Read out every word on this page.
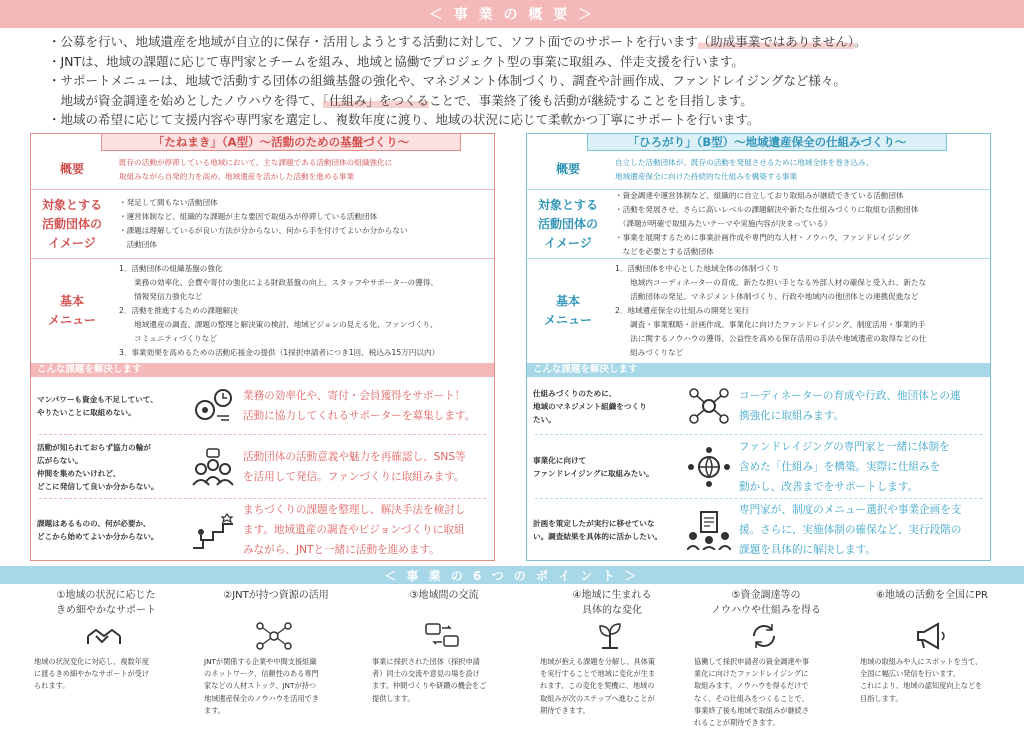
＜ 事 業 の 概 要 ＞

・公募を行い、地域遺産を地域が自立的に保存・活用しようとする活動に対して、ソフト面でのサポートを行います（助成事業ではありません）。

・JNTは、地域の課題に応じて専門家とチームを組み、地域と協働でプロジェクト型の事業に取組み、伴走支援を行います。

・サポートメニューは、地域で活動する団体の組織基盤の強化や、マネジメント体制づくり、調査や計画作成、ファンドレイジングなど様々。

　地域が資金調達を始めとしたノウハウを得て、「仕組み」をつくることで、事業終了後も活動が継続することを目指します。

・地域の希望に応じて支援内容や専門家を選定し、複数年度に渡り、地域の状況に応じて柔軟かつ丁寧にサポートを行います。

「たねまき」（A型）～活動のための基盤づくり～
概要	既存の活動が停滞している地域において、主な課題である活動団体の組織強化に

取組みながら自発的力を高め、地域遺産を活かした活動を進める事業

対象とする

活動団体の

イメージ

・発足して間もない活動団体

・運営体制など、組織的な課題が主な要因で取組みが停滞している活動団体

・課題は理解しているが良い方法が分からない、何から手を付けてよいか分からない

　活動団体

基本

メニュー

1．活動団体の組織基盤の強化

　　業務の効率化、会費や寄付の強化による財政基盤の向上、スタッフやサポーターの獲得、

　　情報発信力強化など

2．活動を推進するための課題解決

　　地域遺産の調査、課題の整理と解決策の検討、地域ビジョンの見える化、ファンづくり、

　　コミュニティづくりなど

3．事業効果を高めるための活動応援金の提供（1採択申請者につき1回、税込み15万円以内）

こんな課題を解決します

マンパワーも資金も不足していて、

やりたいことに取組めない。

業務の効率化や、寄付・会員獲得をサポート！

活動に協力してくれるサポーターを募集します。

活動が知られておらず協力の輪が

広がらない。

仲間を集めたいけれど、

どこに発信して良いか分からない。

活動団体の活動意義や魅力を再確認し、SNS等

を活用して発信。ファンづくりに取組みます。

課題はあるものの、何が必要か、

どこから始めてよいか分からない。

まちづくりの課題を整理し、解決手法を検討し

ます。地域遺産の調査やビジョンづくりに取組

みながら、JNTと一緒に活動を進めます。

「ひろがり」（B型）～地域遺産保全の仕組みづくり～
概要	自立した活動団体が、既存の活動を発展させるために地域全体を巻き込み、

地域遺産保全に向けた持続的な仕組みを構築する事業

対象とする

活動団体の

イメージ

・資金調達や運営体制など、組織的に自立しており取組みが継続できている活動団体

・活動を発展させ、さらに高いレベルの課題解決や新たな仕組みづくりに取組む活動団体

　（課題が明確で取組みたいテーマや実施内容が決まっている）

・事業を展開するために事業計画作成や専門的な人材・ノウハウ、ファンドレイジング

　などを必要とする活動団体

基本

メニュー

1．活動団体を中心とした地域全体の体制づくり

　　地域内コーディネーターの育成、新たな担い手となる外部人材の確保と受入れ、新たな

　　活動団体の発足、マネジメント体制づくり、行政や地域内の他団体との連携促進など

2．地域遺産保全の仕組みの開発と実行

　　調査・事業戦略・計画作成、事業化に向けたファンドレイジング、制度活用・事業的手

　　法に関するノウハウの獲得、公益性を高める保存活用の手法や地域遺産の取得などの仕

　　組みづくりなど

こんな課題を解決します

仕組みづくりのために、

地域のマネジメント組織をつくり

たい。

コーディネーターの育成や行政、他団体との連

携強化に取組みます。

事業化に向けて

ファンドレイジングに取組みたい。

ファンドレイジングの専門家と一緒に体制を

含めた「仕組み」を構築。実際に仕組みを

動かし、改善までをサポートします。

計画を策定したが実行に移せていな

い。調査結果を具体的に活かしたい。

専門家が、制度のメニュー選択や事業企画を支

援。さらに、実施体制の確保など、実行段階の

課題を具体的に解決します。

＜ 事 業 の 6 つ の ポ イ ン ト ＞

①地域の状況に応じた

きめ細やかなサポート

地域の状況変化に対応し、複数年度

に渡るきめ細やかなサポートが受け

られます。

②JNTが持つ資源の活用

JNTが関係する企業や中間支援組織

のネットワーク、信頼性のある専門

家などの人材ストック、JNTが持つ

地域遺産保全のノウハウを活用でき

ます。

③地域間の交流

事業に採択された団体（採択申請

者）同士の交流や意見の場を設け

ます。仲間づくりや研鑽の機会をご

提供します。

④地域に生まれる

具体的な変化

地域が抱える課題を分解し、具体策

を実行することで地域に変化が生ま

れます。この変化を契機に、地域の

取組みが次のステップへ進むことが

期待できます。

⑤資金調達等の

ノウハウや仕組みを得る

協働して採択申請者の資金調達や事

業化に向けたファンドレイジングに

取組みます。ノウハウを得るだけで

なく、その仕組みをつくることで、

事業終了後も地域で取組みが継続さ

れることが期待できます。

⑥地域の活動を全国にPR

地域の取組みや人にスポットを当て、

全国に幅広い発信を行います。

これにより、地域の認知度向上などを

目指します。
